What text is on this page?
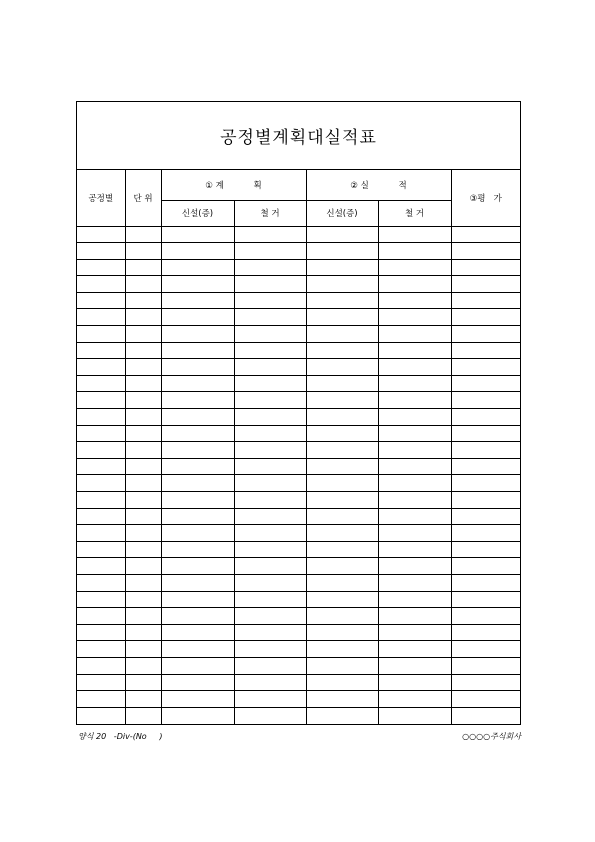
공정별계획대실적표
공정별	단 위	① 계           획		② 실           적		③평   가
		신설(증)	철 거	신설(증)	철 거	

양식 20   -Div-(No     )	○○○○주식회사
